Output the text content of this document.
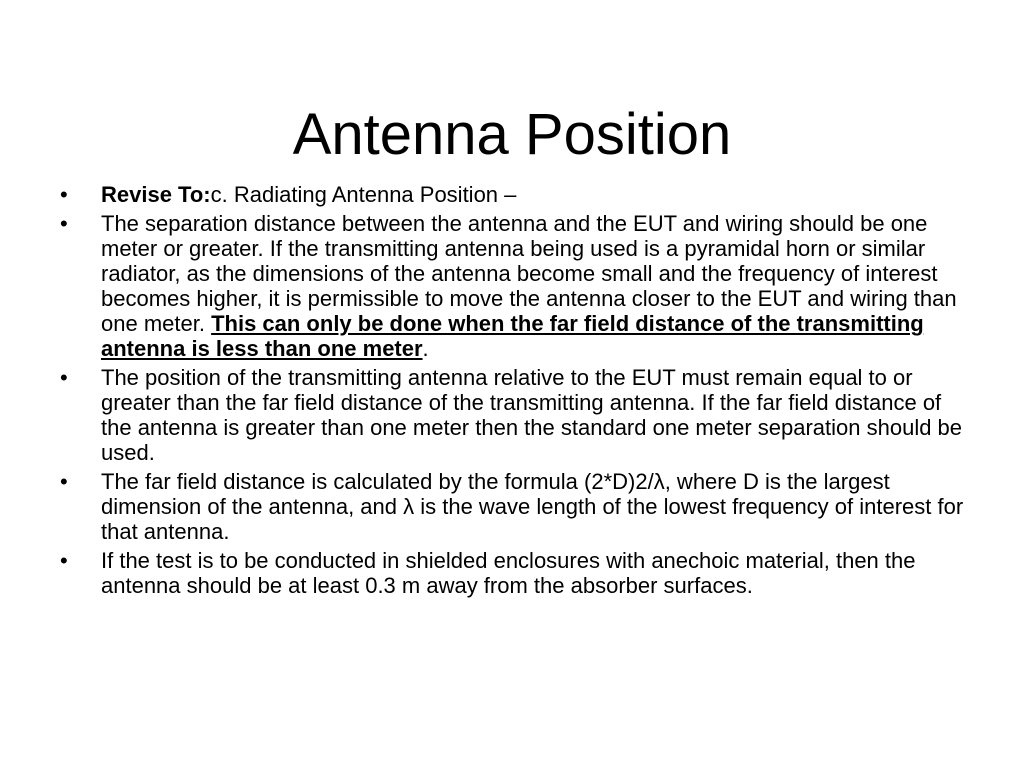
Antenna Position
•	Revise To:c. Radiating Antenna Position –
•	The separation distance between the antenna and the EUT and wiring should be one meter or greater. If the transmitting antenna being used is a pyramidal horn or similar radiator, as the dimensions of the antenna become small and the frequency of interest becomes higher, it is permissible to move the antenna closer to the EUT and wiring than one meter. This can only be done when the far field distance of the transmitting antenna is less than one meter.
•	The position of the transmitting antenna relative to the EUT must remain equal to or greater than the far field distance of the transmitting antenna. If the far field distance of the antenna is greater than one meter then the standard one meter separation should be used.
•	The far field distance is calculated by the formula (2*D)2/λ, where D is the largest dimension of the antenna, and λ is the wave length of the lowest frequency of interest for that antenna.
•	If the test is to be conducted in shielded enclosures with anechoic material, then the antenna should be at least 0.3 m away from the absorber surfaces.
